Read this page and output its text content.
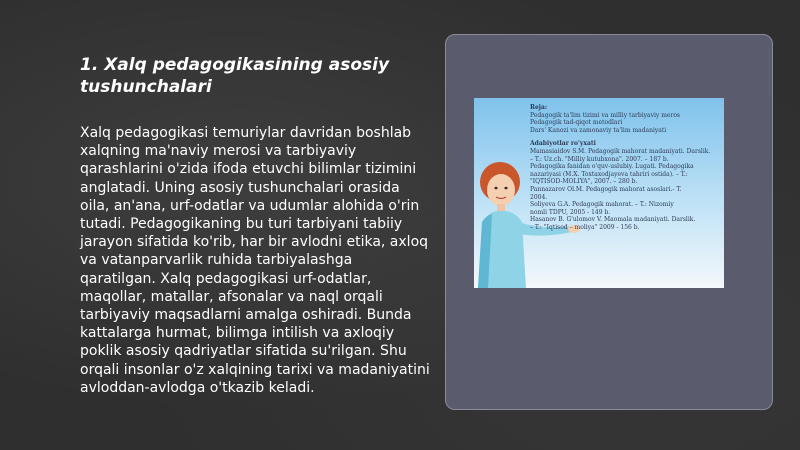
1. Xalq pedagogikasining asosiy tushunchalari
Xalq pedagogikasi temuriylar davridan boshlab xalqning ma'naviy merosi va tarbiyaviy qarashlarini o'zida ifoda etuvchi bilimlar tizimini anglatadi. Uning asosiy tushunchalari orasida oila, an'ana, urf-odatlar va udumlar alohida o'rin tutadi. Pedagogikaning bu turi tarbiyani tabiiy jarayon sifatida ko'rib, har bir avlodni etika, axloq va vatanparvarlik ruhida tarbiyalashga qaratilgan. Xalq pedagogikasi urf-odatlar, maqollar, matallar, afsonalar va naql orqali tarbiyaviy maqsadlarni amalga oshiradi. Bunda kattalarga hurmat, bilimga intilish va axloqiy poklik asosiy qadriyatlar sifatida su'rilgan. Shu orqali insonlar o'z xalqining tarixi va madaniyatini avloddan-avlodga o'tkazib keladi.
Reja:
Pedagogik ta'lim tizimi va milliy tarbiyaviy meros
Pedagogik tad-qiqot metodlari
Dars' Kanozi va zamonaviy ta'lim madaniyati
Adabiyotlar ro'yxati
Mamasiaidov S.M. Pedagogik mahorat madaniyati. Darslik.
– T.: Uz.ch. "Milliy kutubxona". 2007. – 187 b.
Pedagogika fanidan o'quv-uslubiy. Lugati. Pedagogika
nazariyasi (M.X. Toxtaxodjayeva tahriri ostida). – T.:
"IQTISOD-MOLIYA", 2007. – 280 b.
Pannazarov Ol.M. Pedagogik mahorat asoslari.- T.
2004.
Soliyeva G.A. Pedagogik mahorat. – T.: Nizomiy
nomli TDPU, 2005 - 149 b.
Hasanov B. G'ulomov V. Maomala madaniyati. Darslik.
– T.: "Iqtisod – moliya" 2009 - 156 b.
